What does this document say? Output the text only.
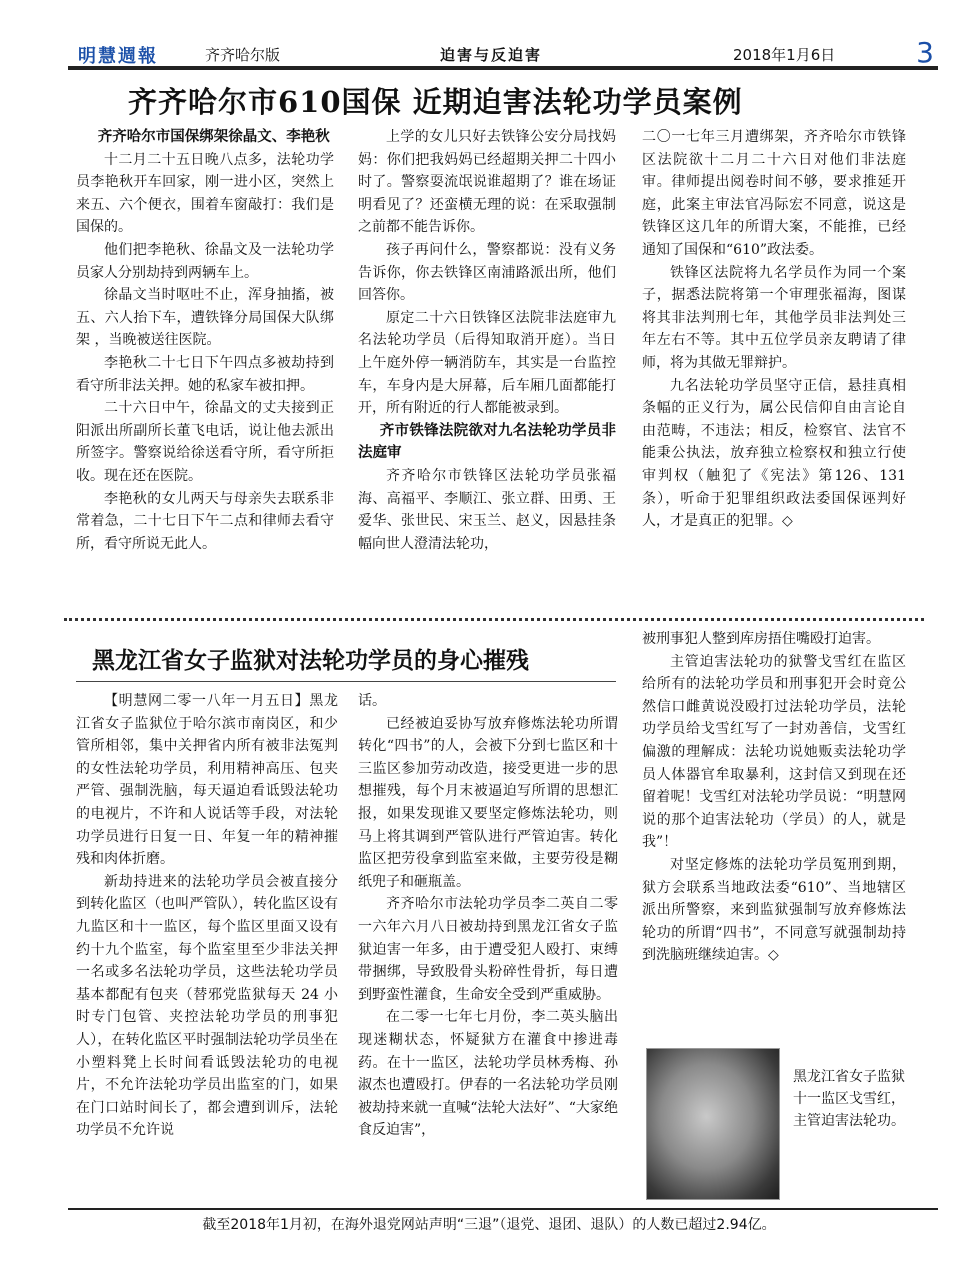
明慧週報	齐齐哈尔版	迫害与反迫害	2018年1月6日	3
齐齐哈尔市610国保 近期迫害法轮功学员案例
齐齐哈尔市国保绑架徐晶文、李艳秋

十二月二十五日晚八点多，法轮功学员李艳秋开车回家，刚一进小区，突然上来五、六个便衣，围着车窗敲打：我们是国保的。

他们把李艳秋、徐晶文及一法轮功学员家人分别劫持到两辆车上。

徐晶文当时呕吐不止，浑身抽搐，被五、六人抬下车，遭铁锋分局国保大队绑架 ，当晚被送往医院。

李艳秋二十七日下午四点多被劫持到看守所非法关押。她的私家车被扣押。

二十六日中午，徐晶文的丈夫接到正阳派出所副所长董飞电话，说让他去派出所签字。警察说给徐送看守所，看守所拒收。现在还在医院。

李艳秋的女儿两天与母亲失去联系非常着急，二十七日下午二点和律师去看守所，看守所说无此人。

上学的女儿只好去铁锋公安分局找妈妈：你们把我妈妈已经超期关押二十四小时了。警察耍流氓说谁超期了？谁在场证明看见了？还蛮横无理的说：在采取强制之前都不能告诉你。

孩子再问什么，警察都说：没有义务告诉你，你去铁锋区南浦路派出所，他们回答你。

原定二十六日铁锋区法院非法庭审九名法轮功学员（后得知取消开庭）。当日上午庭外停一辆消防车，其实是一台监控车，车身内是大屏幕，后车厢几面都能打开，所有附近的行人都能被录到。

齐市铁锋法院欲对九名法轮功学员非法庭审

齐齐哈尔市铁锋区法轮功学员张福海、高福平、李顺江、张立群、田勇、王爱华、张世民、宋玉兰、赵义，因悬挂条幅向世人澄清法轮功，

二〇一七年三月遭绑架，齐齐哈尔市铁锋区法院欲十二月二十六日对他们非法庭审。律师提出阅卷时间不够，要求推延开庭，此案主审法官冯际宏不同意，说这是铁锋区这几年的所谓大案，不能推，已经通知了国保和“610”政法委。

铁锋区法院将九名学员作为同一个案子，据悉法院将第一个审理张福海，图谋将其非法判刑七年，其他学员非法判处三年左右不等。其中五位学员亲友聘请了律师，将为其做无罪辩护。

九名法轮功学员坚守正信，悬挂真相条幅的正义行为，属公民信仰自由言论自由范畴，不违法；相反，检察官、法官不能秉公执法，放弃独立检察权和独立行使审判权（触犯了《宪法》第126、131条），听命于犯罪组织政法委国保诬判好人，才是真正的犯罪。◇

黑龙江省女子监狱对法轮功学员的身心摧残

【明慧网二零一八年一月五日】黑龙江省女子监狱位于哈尔滨市南岗区，和少管所相邻，集中关押省内所有被非法冤判的女性法轮功学员，利用精神高压、包夹严管、强制洗脑，每天逼迫看诋毁法轮功的电视片，不许和人说话等手段，对法轮功学员进行日复一日、年复一年的精神摧残和肉体折磨。

新劫持进来的法轮功学员会被直接分到转化监区（也叫严管队），转化监区设有九监区和十一监区，每个监区里面又设有约十九个监室，每个监室里至少非法关押一名或多名法轮功学员，这些法轮功学员基本都配有包夹（替邪党监狱每天 24 小时专门包管、夹控法轮功学员的刑事犯人），在转化监区平时强制法轮功学员坐在小塑料凳上长时间看诋毁法轮功的电视片，不允许法轮功学员出监室的门，如果在门口站时间长了，都会遭到训斥，法轮功学员不允许说

话。

已经被迫妥协写放弃修炼法轮功所谓转化“四书”的人，会被下分到七监区和十三监区参加劳动改造，接受更进一步的思想摧残，每个月末被逼迫写所谓的思想汇报，如果发现谁又要坚定修炼法轮功，则马上将其调到严管队进行严管迫害。转化监区把劳役拿到监室来做，主要劳役是糊纸兜子和砸瓶盖。

齐齐哈尔市法轮功学员李二英自二零一六年六月八日被劫持到黑龙江省女子监狱迫害一年多，由于遭受犯人殴打、束缚带捆绑，导致股骨头粉碎性骨折，每日遭到野蛮性灌食，生命安全受到严重威胁。

在二零一七年七月份，李二英头脑出现迷糊状态，怀疑狱方在灌食中掺进毒药。在十一监区，法轮功学员林秀梅、孙淑杰也遭殴打。伊春的一名法轮功学员刚被劫持来就一直喊“法轮大法好”、“大家绝食反迫害”，

被刑事犯人整到库房捂住嘴殴打迫害。

主管迫害法轮功的狱警戈雪红在监区给所有的法轮功学员和刑事犯开会时竟公然信口雌黄说没殴打过法轮功学员，法轮功学员给戈雪红写了一封劝善信，戈雪红偏激的理解成：法轮功说她贩卖法轮功学员人体器官牟取暴利，这封信又到现在还留着呢！戈雪红对法轮功学员说：“明慧网说的那个迫害法轮功（学员）的人，就是我”！

对坚定修炼的法轮功学员冤刑到期，狱方会联系当地政法委“610”、当地辖区派出所警察，来到监狱强制写放弃修炼法轮功的所谓“四书”，不同意写就强制劫持到洗脑班继续迫害。◇

黑龙江省女子监狱十一监区戈雪红，主管迫害法轮功。
截至2018年1月初，在海外退党网站声明“三退”（退党、退团、退队）的人数已超过2.94亿。
